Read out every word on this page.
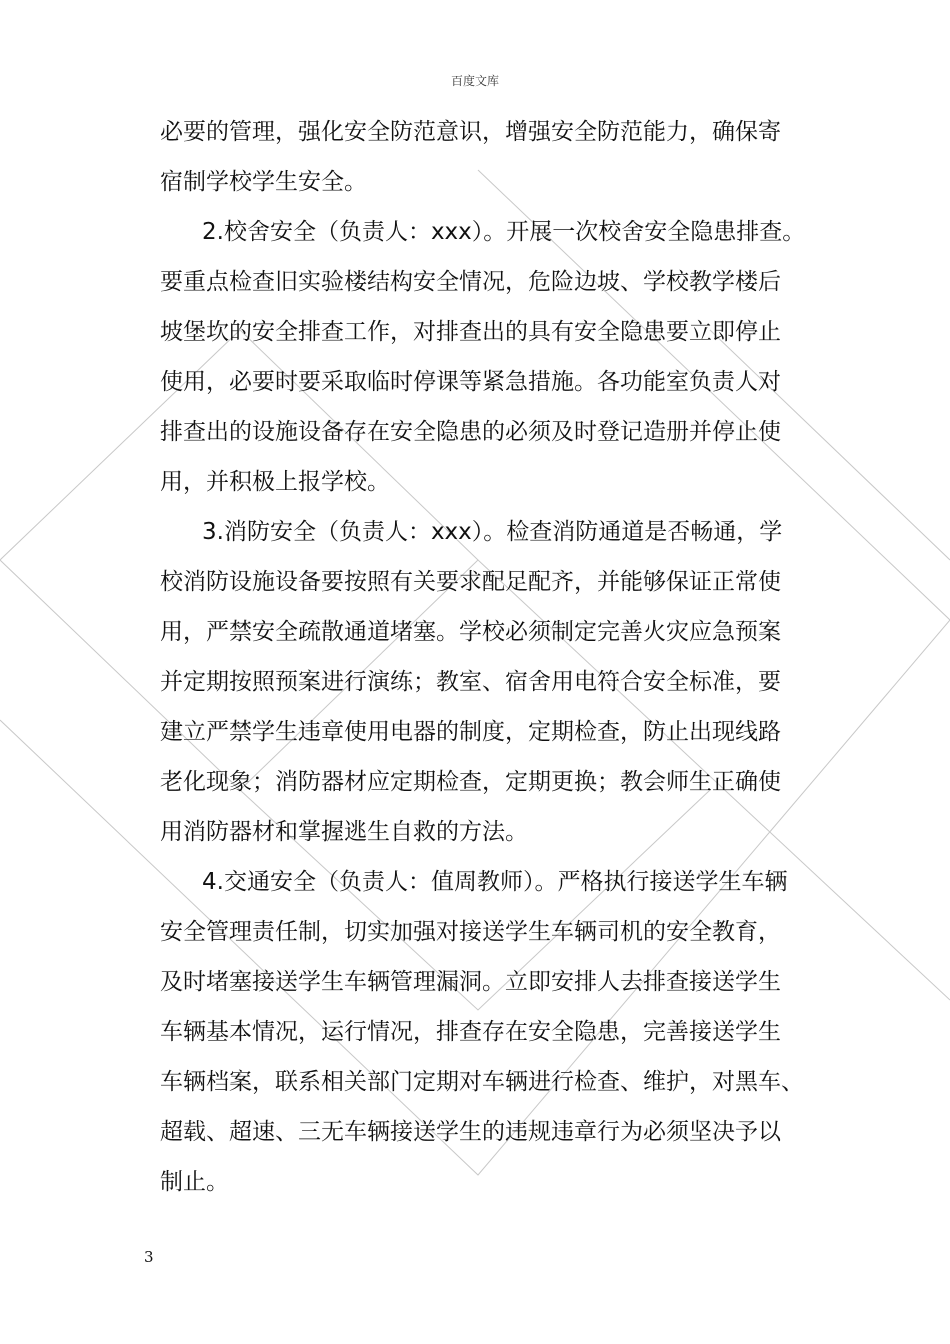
百度文库
必要的管理，强化安全防范意识，增强安全防范能力，确保寄
宿制学校学生安全。
2.校舍安全（负责人：xxx）。开展一次校舍安全隐患排查。
要重点检查旧实验楼结构安全情况，危险边坡、学校教学楼后
坡堡坎的安全排查工作，对排查出的具有安全隐患要立即停止
使用，必要时要采取临时停课等紧急措施。各功能室负责人对
排查出的设施设备存在安全隐患的必须及时登记造册并停止使
用，并积极上报学校。
3.消防安全（负责人：xxx）。检查消防通道是否畅通，学
校消防设施设备要按照有关要求配足配齐，并能够保证正常使
用，严禁安全疏散通道堵塞。学校必须制定完善火灾应急预案
并定期按照预案进行演练；教室、宿舍用电符合安全标准，要
建立严禁学生违章使用电器的制度，定期检查，防止出现线路
老化现象；消防器材应定期检查，定期更换；教会师生正确使
用消防器材和掌握逃生自救的方法。
4.交通安全（负责人：值周教师）。严格执行接送学生车辆
安全管理责任制，切实加强对接送学生车辆司机的安全教育，
及时堵塞接送学生车辆管理漏洞。立即安排人去排查接送学生
车辆基本情况，运行情况，排查存在安全隐患，完善接送学生
车辆档案，联系相关部门定期对车辆进行检查、维护，对黑车、
超载、超速、三无车辆接送学生的违规违章行为必须坚决予以
制止。
3
